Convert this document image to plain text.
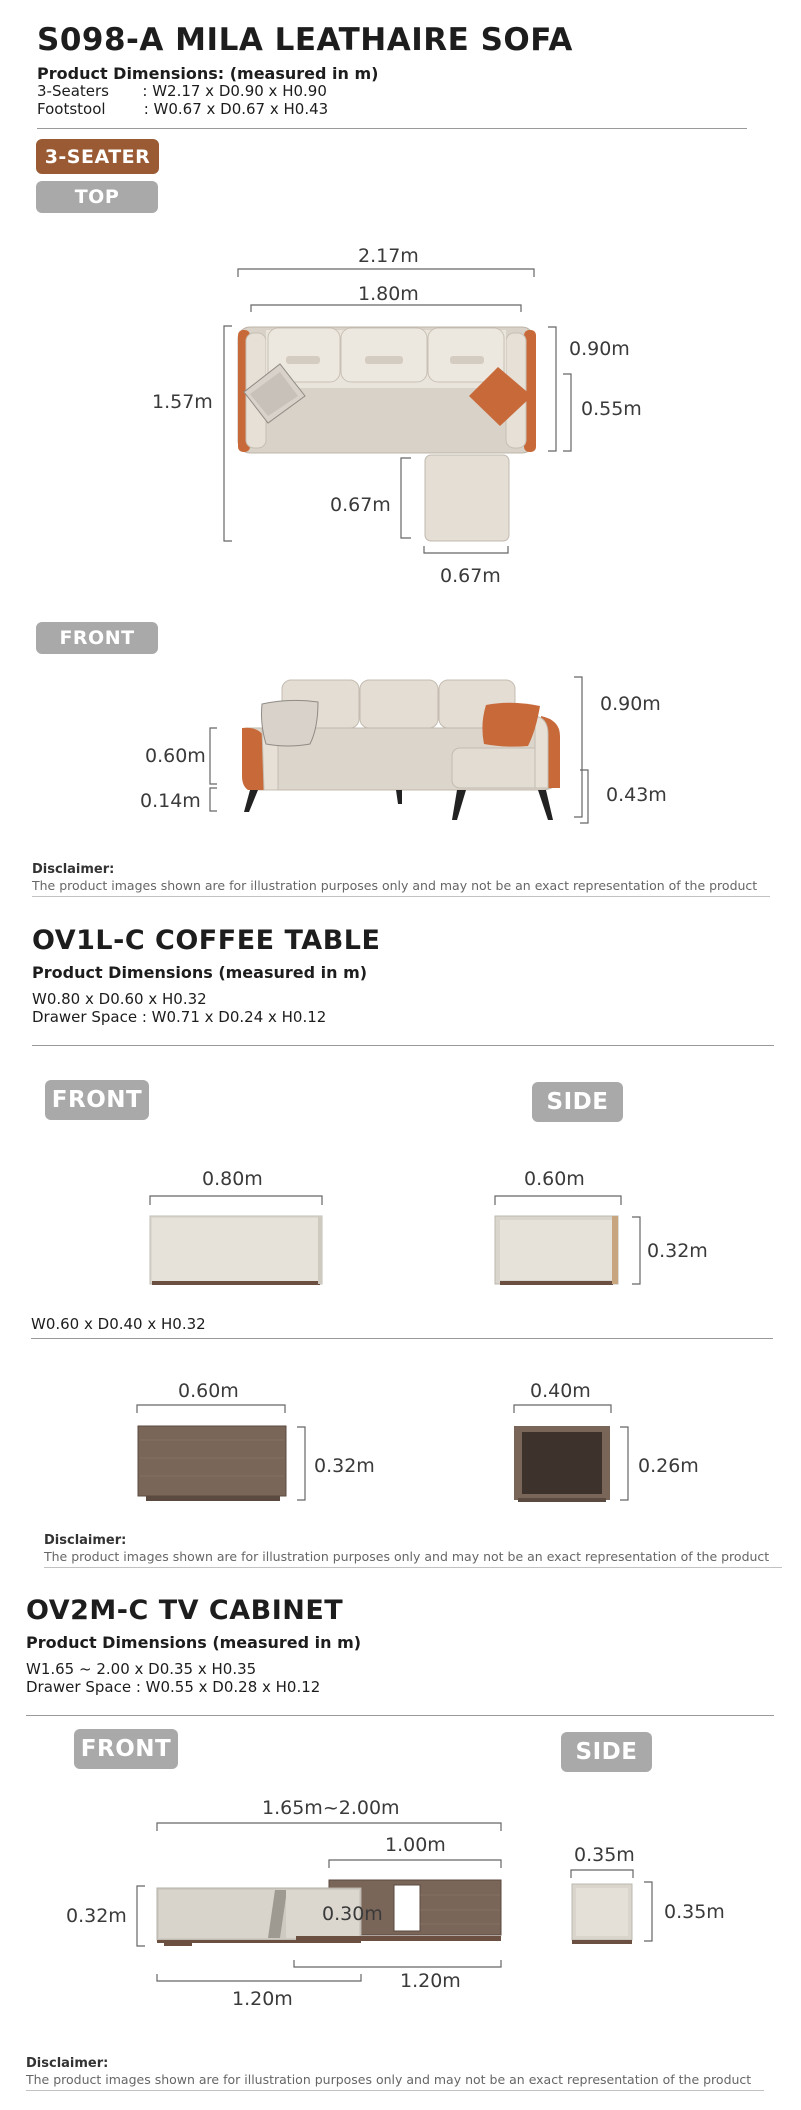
S098-A MILA LEATHAIRE SOFA
Product Dimensions: (measured in m)
3-Seaters       : W2.17 x D0.90 x H0.90
Footstool        : W0.67 x D0.67 x H0.43
3-SEATER
TOP
2.17m
1.80m
1.57m
0.90m
0.55m
0.67m
0.67m
FRONT
0.90m
0.43m
0.60m
0.14m
Disclaimer:
The product images shown are for illustration purposes only and may not be an exact representation of the product
OV1L-C COFFEE TABLE
Product Dimensions (measured in m)
W0.80 x D0.60 x H0.32
Drawer Space : W0.71 x D0.24 x H0.12
FRONT	SIDE
0.80m	0.60m
0.32m
W0.60 x D0.40 x H0.32
0.60m
0.32m
0.40m
0.26m
Disclaimer:
The product images shown are for illustration purposes only and may not be an exact representation of the product
OV2M-C TV CABINET
Product Dimensions (measured in m)
W1.65 ~ 2.00 x D0.35 x H0.35
Drawer Space : W0.55 x D0.28 x H0.12
FRONT	SIDE
1.65m~2.00m
1.00m
0.32m	0.30m
1.20m
1.20m
0.35m
0.35m
Disclaimer:
The product images shown are for illustration purposes only and may not be an exact representation of the product
